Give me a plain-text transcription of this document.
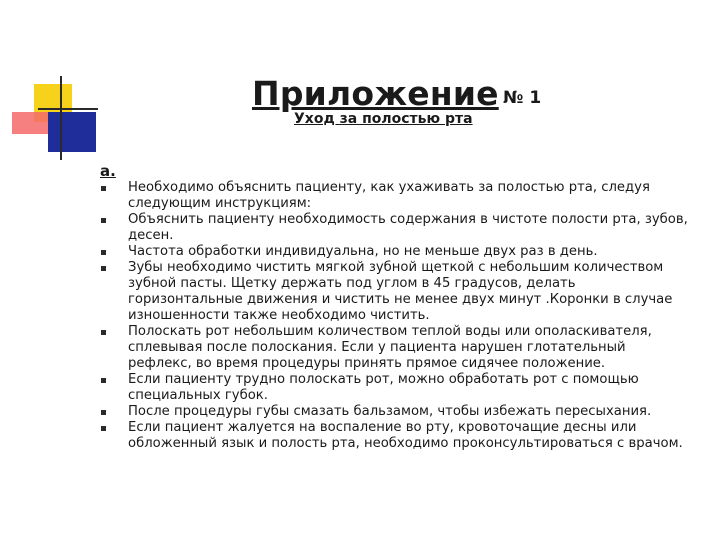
Приложение № 1
Уход за полостью рта
а.
Необходимо объяснить пациенту, как ухаживать за полостью рта, следуя следующим инструкциям:
Объяснить пациенту необходимость содержания в чистоте полости рта, зубов, десен.
Частота обработки индивидуальна, но не меньше двух раз в день.
Зубы необходимо чистить мягкой зубной щеткой с небольшим количеством зубной пасты. Щетку держать под углом в 45 градусов, делать горизонтальные движения и чистить не менее двух минут .Коронки в случае изношенности также необходимо чистить.
Полоскать рот небольшим количеством теплой воды или ополаскивателя, сплевывая после полоскания. Если у пациента нарушен глотательный рефлекс, во время процедуры принять прямое сидячее положение.
Если пациенту трудно полоскать рот, можно обработать рот с помощью специальных губок.
После процедуры губы смазать бальзамом, чтобы избежать пересыхания.
Если пациент жалуется на воспаление во рту, кровоточащие десны или обложенный язык и полость рта, необходимо проконсультироваться с врачом.
